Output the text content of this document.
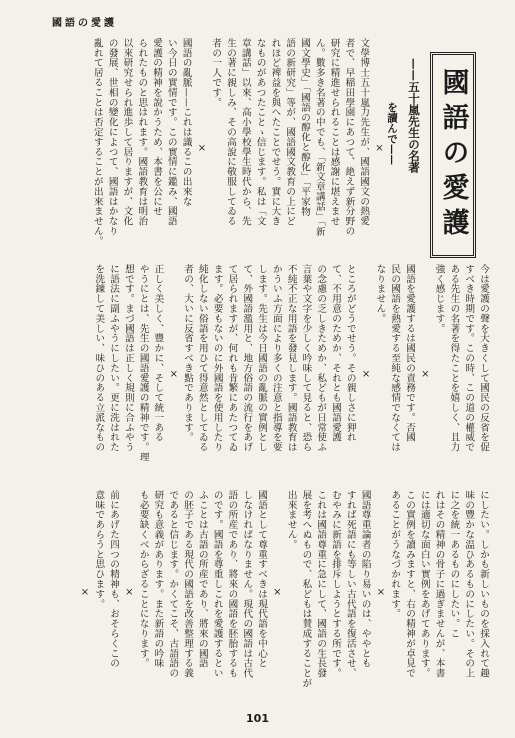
國語の愛護
國語の愛護
——五十嵐先生の名著
を讀んで——
×
文學博士五十嵐力先生が、國語國文の熱愛
者で、早稲田學園にあつて、絶えず新分野の
研究に精進せられることは感謝に堪えませ
ん。數多き名著の中でも、「新文章講話」「新
國文學史」「國語の醇化と醇化」「平家物
語の新研究」等が、國語國文教育の上にど
れほど裨益を與へたことでせう。實に大き
なものがあつたことゝ信じます。私は「文
章講話」以來、高小學校學生時代から、先
生の著に親しみ、その高說に敬服してゐる
者の一人です。
×
國語の亂脈——これは識るこの出來な
い今日の實情です。この實情に鑑み、國語
愛護の精神を說かうため、本書を公にせ
られたものと思はれます。國語教育は明治
以來研究せられ進歩して居りますが、文化
の發展、世相の變化によつて、國語はかなり
亂れて居ることは否定することが出來ません。
今は愛護の聲を大きくして國民の反省を促
すべき時期です。この時、この道の權威で
ある先生の名著を得たことを嬉しく、且力
強く感じます。
×
國語を愛護するは國民の責務です。否國
民の國語を熱愛する至純な感情でなくては
なりません。
×
ところがどうでせう。その親しさに狎れ
て、不用意のためか、それとも國語愛護
の念慮の乏しきためか、私どもが日常使ふ
言葉や文字を少しく吟味して見ると、恐ら
不純不正な用語を發見します。國語教育は
かういふ方面により多くの注意と指導を要
します。先生は今日國語の亂脈の實例とし
て、外國語濫用と、地方俗語の流行をあげ
て居られますが、何れも肯繁にあたつてゐ
ます。必要もないのに外國語を使用したり
純化しない俗語を用ひて得意然としてゐる
者の、大いに反省すべき點であります。
×
正しく美しく、豐かに、そして統一ある
やうにとは、先生の國語愛護の精神です。理
想です。まづ國語は正しく規則に合ふやう
に語法に副ふやうにしたい。更に洗はれた
を洗錬して美しい、味ひのある立派なもの
にしたい。しかも新しいものを採入れて趣
味の豐かな温ひあるものにしたい。その上
に之を統一あるものにしたい。こ
れはその精神の骨子に過ぎませんが、本書
には適切な面白い實例をあげてあります。
この實例を讀みますと、右の精神が卓見で
あることがうなづかれます。
×
國語尊重論者の陷り易いのは、ややとも
すれば死語にも等しい古代語を復活させ、
むやみに新語を排斥しようとする所です。
これは國語尊重に急にして、國語の生長發
展を考へぬもので、私どもは賛成することが
出來ません。
×
國語として尊重すべきは現代語を中心と
しなければなりません。現代の國語は古代
語の所産であり、將來の國語を胚胎するも
のです。國語を尊重しこれを愛護するとい
ふことは古語の所産であり、將來の國語
の胚子である現代の國語を改善整理する義
であると信じます。かくてこそ、古語語の
研究も意義があります。また新語の吟味
も必要缺くべからざることになります。
×
前にあげた四つの精神も、おそらくこの
意味であらうと思ひます。
×
101
